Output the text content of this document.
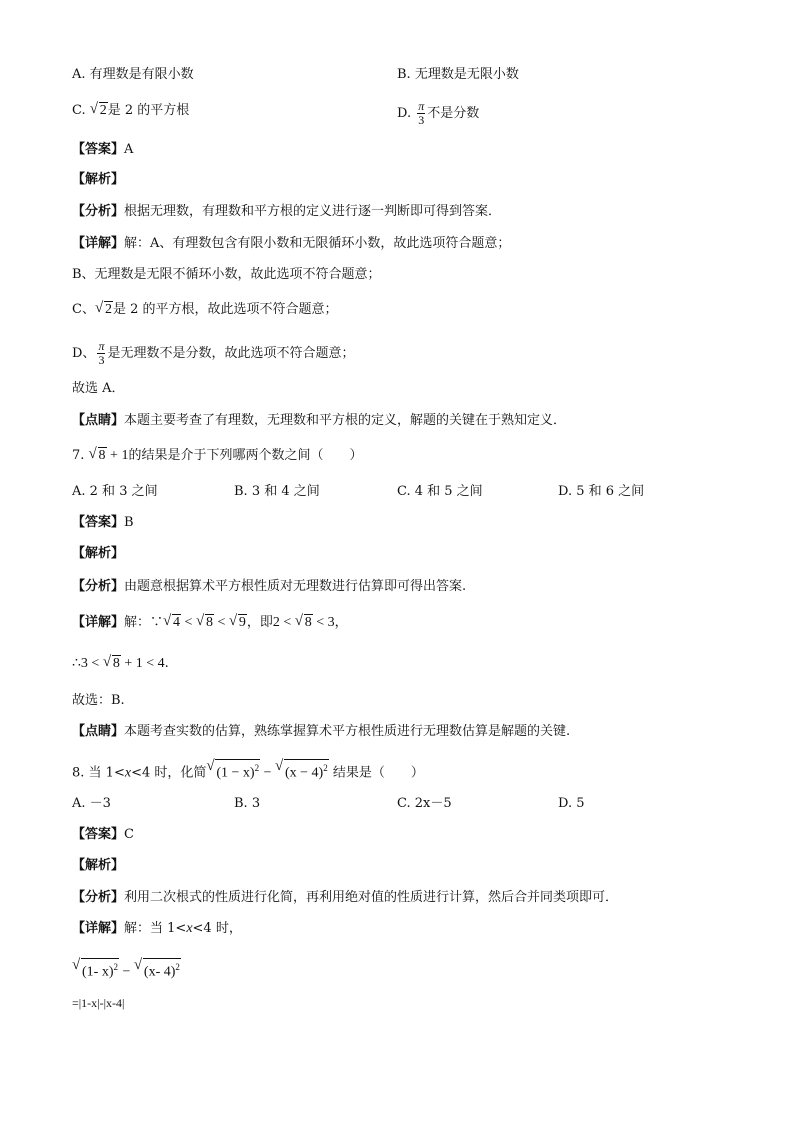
A. 有理数是有限小数	B. 无理数是无限小数
C. √ 2是 2 的平方根	D. $\frac{\pi}{3}$ 不是分数
【答案】A
【解析】
【分析】根据无理数，有理数和平方根的定义进行逐一判断即可得到答案．
【详解】解：A、有理数包含有限小数和无限循环小数，故此选项符合题意；
B、无理数是无限不循环小数，故此选项不符合题意；
C、 √ 2是 2 的平方根，故此选项不符合题意；
D、 $\frac{\pi}{3}$ 是无理数不是分数，故此选项不符合题意；
故选 A．
【点睛】本题主要考查了有理数，无理数和平方根的定义，解题的关键在于熟知定义．
7. √ 8 + 1的结果是介于下列哪两个数之间（　　）
A. 2 和 3 之间	B. 3 和 4 之间	C. 4 和 5 之间	D. 5 和 6 之间
【答案】B
【解析】
【分析】由题意根据算术平方根性质对无理数进行估算即可得出答案.
【详解】解：∵ √ 4 < √ 8 < √ 9，即2 < √ 8 < 3，
∴3 < √ 8 + 1 < 4.
故选：B.
【点睛】本题考查实数的估算，熟练掌握算术平方根性质进行无理数估算是解题的关键.
8. 当 1<x<4 时，化简 √ $(1 - x)^2$ − √ $(x - 4)^2$ 结果是（　　）
A. －3	B. 3	C. 2x－5	D. 5
【答案】C
【解析】
【分析】利用二次根式的性质进行化简，再利用绝对值的性质进行计算，然后合并同类项即可．
【详解】解：当 1<x<4 时，
√ (1- x)$^2$ − √ (x- 4)$^2$
=|1-x|-|x-4|
